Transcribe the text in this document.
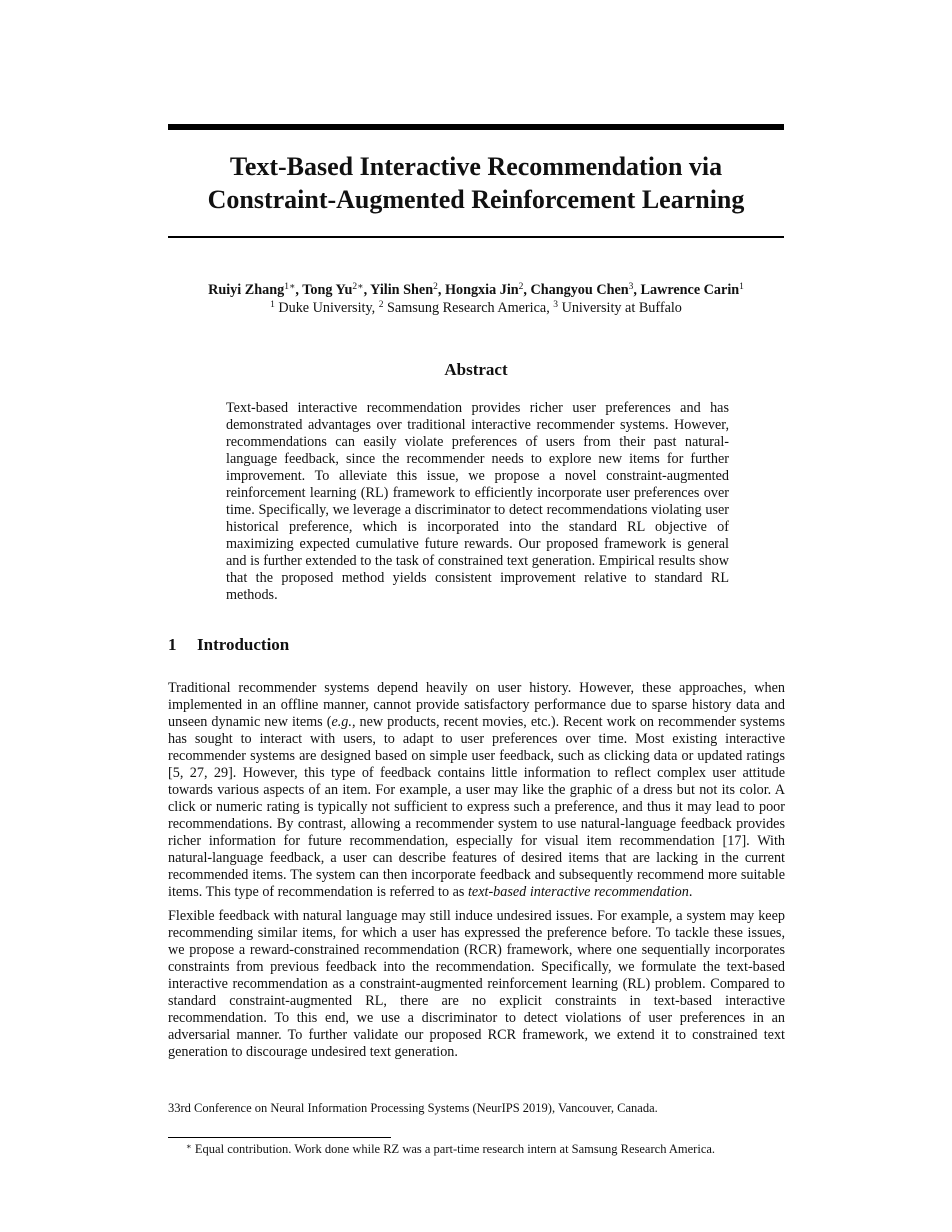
Text-Based Interactive Recommendation via
Constraint-Augmented Reinforcement Learning
Ruiyi Zhang$^{1∗}$, Tong $Yu^{2∗}$, Yilin Shen$^2$, Hongxia Jin$^2$, Changyou Chen$^3$, Lawrence Carin$^1$
$^1$ Duke University, $^2$ Samsung Research America, $^3$ University at Buffalo
Abstract
Text-based interactive recommendation provides richer user preferences and has demonstrated advantages over traditional interactive recommender systems. However, recommendations can easily violate preferences of users from their past natural-language feedback, since the recommender needs to explore new items for further improvement. To alleviate this issue, we propose a novel constraint-augmented reinforcement learning (RL) framework to efficiently incorporate user preferences over time. Specifically, we leverage a discriminator to detect recommendations violating user historical preference, which is incorporated into the standard RL objective of maximizing expected cumulative future rewards. Our proposed framework is general and is further extended to the task of constrained text generation. Empirical results show that the proposed method yields consistent improvement relative to standard RL methods.
1 Introduction

Traditional recommender systems depend heavily on user history. However, these approaches, when implemented in an offline manner, cannot provide satisfactory performance due to sparse history data and unseen dynamic new items (e.g., new products, recent movies, etc.). Recent work on recommender systems has sought to interact with users, to adapt to user preferences over time. Most existing interactive recommender systems are designed based on simple user feedback, such as clicking data or updated ratings [5, 27, 29]. However, this type of feedback contains little information to reflect complex user attitude towards various aspects of an item. For example, a user may like the graphic of a dress but not its color. A click or numeric rating is typically not sufficient to express such a preference, and thus it may lead to poor recommendations. By contrast, allowing a recommender system to use natural-language feedback provides richer information for future recommendation, especially for visual item recommendation [17]. With natural-language feedback, a user can describe features of desired items that are lacking in the current recommended items. The system can then incorporate feedback and subsequently recommend more suitable items. This type of recommendation is referred to as text-based interactive recommendation.

Flexible feedback with natural language may still induce undesired issues. For example, a system may keep recommending similar items, for which a user has expressed the preference before. To tackle these issues, we propose a reward-constrained recommendation (RCR) framework, where one sequentially incorporates constraints from previous feedback into the recommendation. Specifically, we formulate the text-based interactive recommendation as a constraint-augmented reinforcement learning (RL) problem. Compared to standard constraint-augmented RL, there are no explicit constraints in text-based interactive recommendation. To this end, we use a discriminator to detect violations of user preferences in an adversarial manner. To further validate our proposed RCR framework, we extend it to constrained text generation to discourage undesired text generation.

33rd Conference on Neural Information Processing Systems (NeurIPS 2019), Vancouver, Canada.
∗ Equal contribution. Work done while RZ was a part-time research intern at Samsung Research America.
